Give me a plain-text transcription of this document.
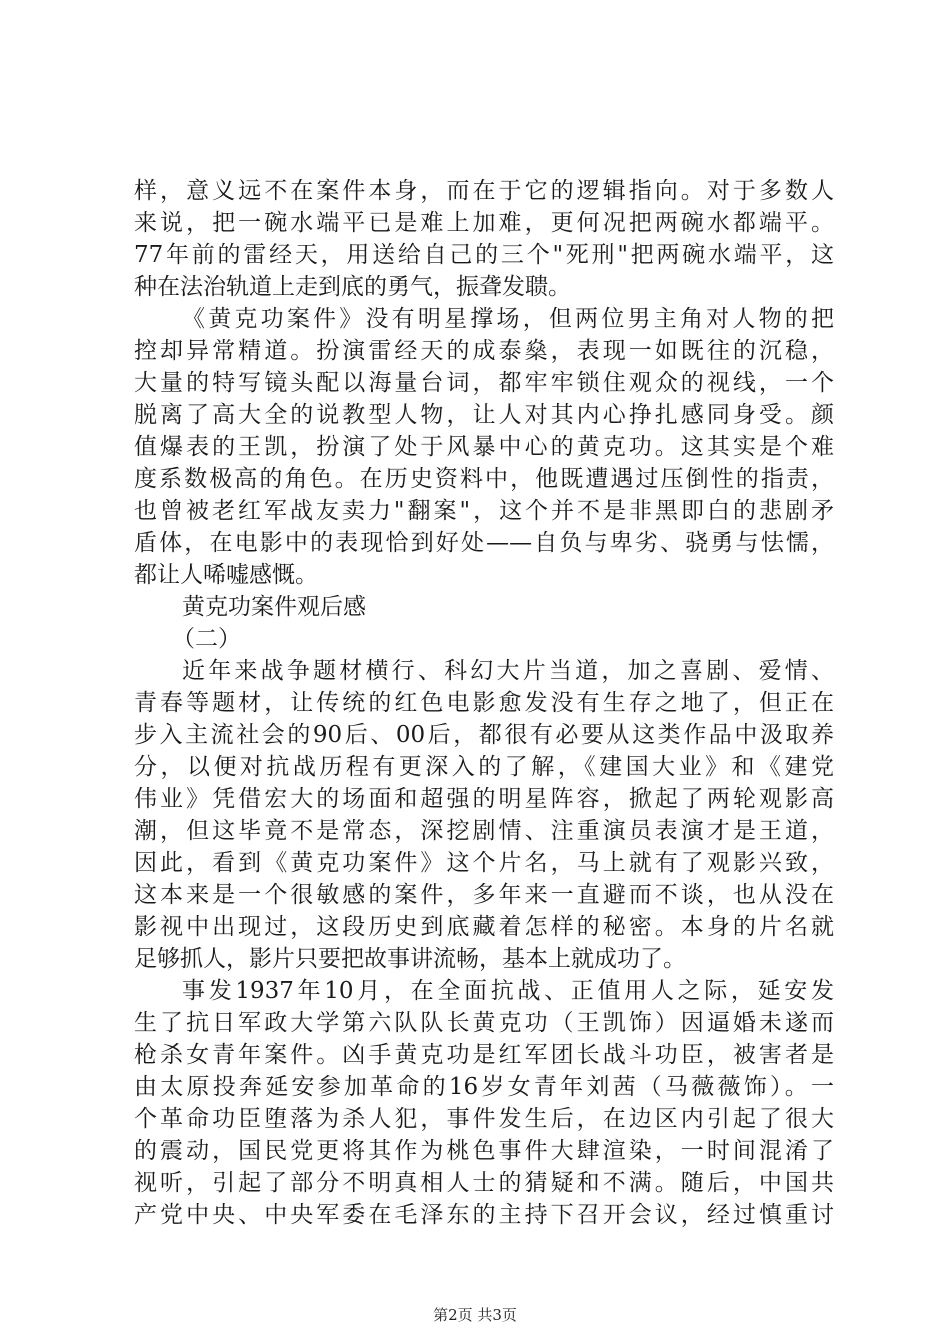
样，意义远不在案件本身，而在于它的逻辑指向。对于多数人
来说，把一碗水端平已是难上加难，更何况把两碗水都端平。
77年前的雷经天，用送给自己的三个"死刑"把两碗水端平，这
种在法治轨道上走到底的勇气，振聋发聩。
《黄克功案件》没有明星撑场，但两位男主角对人物的把
控却异常精道。扮演雷经天的成泰燊，表现一如既往的沉稳，
大量的特写镜头配以海量台词，都牢牢锁住观众的视线，一个
脱离了高大全的说教型人物，让人对其内心挣扎感同身受。颜
值爆表的王凯，扮演了处于风暴中心的黄克功。这其实是个难
度系数极高的角色。在历史资料中，他既遭遇过压倒性的指责，
也曾被老红军战友卖力"翻案"，这个并不是非黑即白的悲剧矛
盾体，在电影中的表现恰到好处——自负与卑劣、骁勇与怯懦，
都让人唏嘘感慨。
黄克功案件观后感
（二）
近年来战争题材横行、科幻大片当道，加之喜剧、爱情、
青春等题材，让传统的红色电影愈发没有生存之地了，但正在
步入主流社会的90后、00后，都很有必要从这类作品中汲取养
分，以便对抗战历程有更深入的了解，《建国大业》和《建党
伟业》凭借宏大的场面和超强的明星阵容，掀起了两轮观影高
潮，但这毕竟不是常态，深挖剧情、注重演员表演才是王道，
因此，看到《黄克功案件》这个片名，马上就有了观影兴致，
这本来是一个很敏感的案件，多年来一直避而不谈，也从没在
影视中出现过，这段历史到底藏着怎样的秘密。本身的片名就
足够抓人，影片只要把故事讲流畅，基本上就成功了。
事发1937年10月，在全面抗战、正值用人之际，延安发
生了抗日军政大学第六队队长黄克功（王凯饰）因逼婚未遂而
枪杀女青年案件。凶手黄克功是红军团长战斗功臣，被害者是
由太原投奔延安参加革命的16岁女青年刘茜（马薇薇饰）。一
个革命功臣堕落为杀人犯，事件发生后，在边区内引起了很大
的震动，国民党更将其作为桃色事件大肆渲染，一时间混淆了
视听，引起了部分不明真相人士的猜疑和不满。随后，中国共
产党中央、中央军委在毛泽东的主持下召开会议，经过慎重讨
第2页 共3页
